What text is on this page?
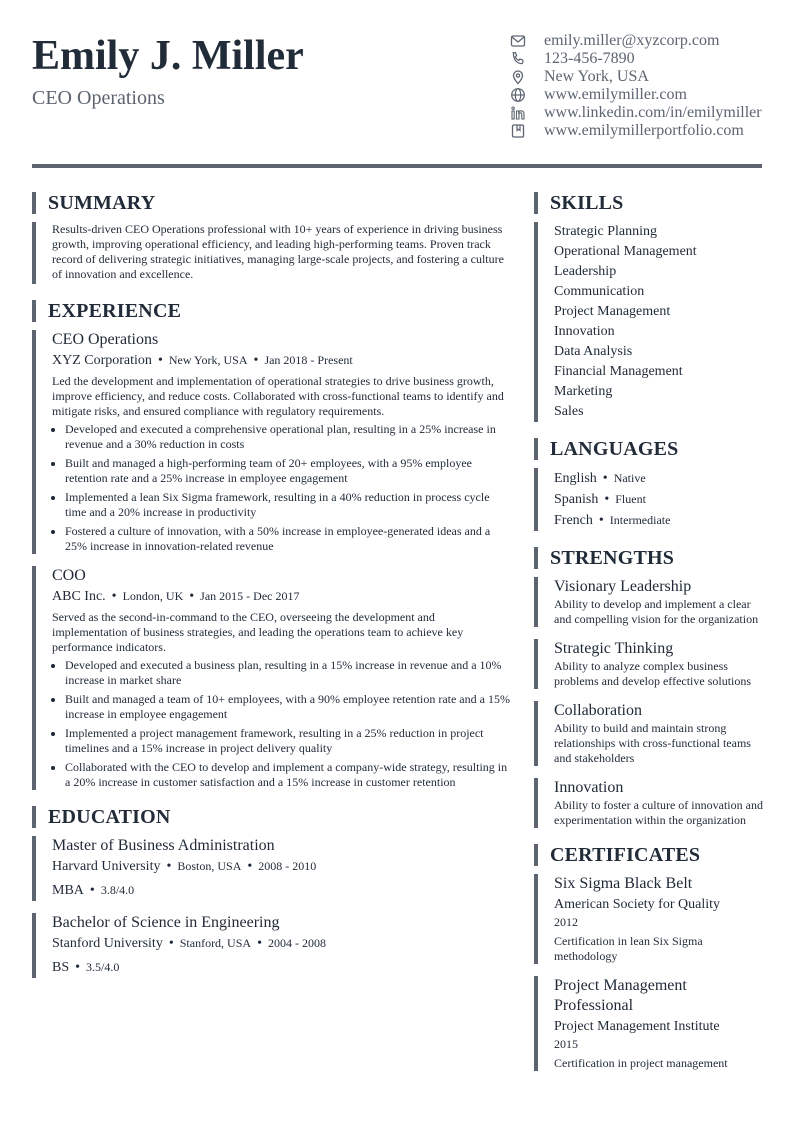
Emily J. Miller
CEO Operations
emily.miller@xyzcorp.com
123-456-7890
New York, USA
www.emilymiller.com
www.linkedin.com/in/emilymiller
www.emilymillerportfolio.com
SUMMARY
Results-driven CEO Operations professional with 10+ years of experience in driving business growth, improving operational efficiency, and leading high-performing teams. Proven track record of delivering strategic initiatives, managing large-scale projects, and fostering a culture of innovation and excellence.
EXPERIENCE
CEO Operations
XYZ Corporation • New York, USA • Jan 2018 - Present
Led the development and implementation of operational strategies to drive business growth, improve efficiency, and reduce costs. Collaborated with cross-functional teams to identify and mitigate risks, and ensured compliance with regulatory requirements.
• Developed and executed a comprehensive operational plan, resulting in a 25% increase in revenue and a 30% reduction in costs
• Built and managed a high-performing team of 20+ employees, with a 95% employee retention rate and a 25% increase in employee engagement
• Implemented a lean Six Sigma framework, resulting in a 40% reduction in process cycle time and a 20% increase in productivity
• Fostered a culture of innovation, with a 50% increase in employee-generated ideas and a 25% increase in innovation-related revenue
COO
ABC Inc. • London, UK • Jan 2015 - Dec 2017
Served as the second-in-command to the CEO, overseeing the development and implementation of business strategies, and leading the operations team to achieve key performance indicators.
• Developed and executed a business plan, resulting in a 15% increase in revenue and a 10% increase in market share
• Built and managed a team of 10+ employees, with a 90% employee retention rate and a 15% increase in employee engagement
• Implemented a project management framework, resulting in a 25% reduction in project timelines and a 15% increase in project delivery quality
• Collaborated with the CEO to develop and implement a company-wide strategy, resulting in a 20% increase in customer satisfaction and a 15% increase in customer retention
EDUCATION
Master of Business Administration
Harvard University • Boston, USA • 2008 - 2010
MBA • 3.8/4.0
Bachelor of Science in Engineering
Stanford University • Stanford, USA • 2004 - 2008
BS • 3.5/4.0
SKILLS
Strategic Planning
Operational Management
Leadership
Communication
Project Management
Innovation
Data Analysis
Financial Management
Marketing
Sales
LANGUAGES
English • Native
Spanish • Fluent
French • Intermediate
STRENGTHS
Visionary Leadership
Ability to develop and implement a clear and compelling vision for the organization
Strategic Thinking
Ability to analyze complex business problems and develop effective solutions
Collaboration
Ability to build and maintain strong relationships with cross-functional teams and stakeholders
Innovation
Ability to foster a culture of innovation and experimentation within the organization
CERTIFICATES
Six Sigma Black Belt
American Society for Quality
2012
Certification in lean Six Sigma methodology
Project Management Professional
Project Management Institute
2015
Certification in project management
